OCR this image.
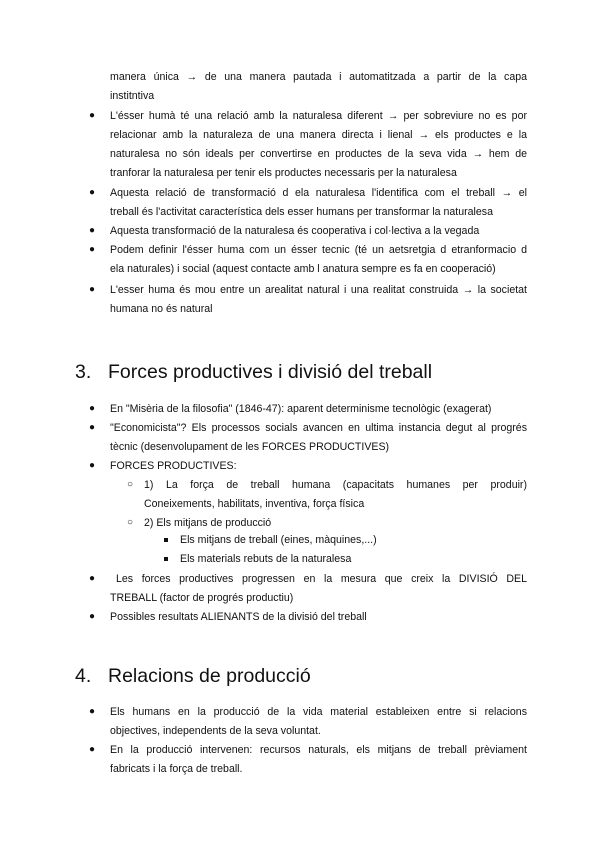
manera única → de una manera pautada i automatitzada a partir de la capa
institntiva
● L'ésser humà té una relació amb la naturalesa diferent → per sobreviure no es por
relacionar amb la naturaleza de una manera directa i lienal → els productes e la
naturalesa no són ideals per convertirse en productes de la seva vida → hem de
tranforar la naturalesa per tenir els productes necessaris per la naturalesa
● Aquesta relació de transformació d ela naturalesa l'identifica com el treball → el
treball és l'activitat característica dels esser humans per transformar la naturalesa
● Aquesta transformació de la naturalesa és cooperativa i col·lectiva a la vegada
● Podem definir l'ésser huma com un ésser tecnic (té un aetsretgia d etranformacio d
ela naturales) i social (aquest contacte amb l anatura sempre es fa en cooperació)
● L'esser huma és mou entre un arealitat natural i una realitat construida → la societat
humana no és natural
3. Forces productives i divisió del treball
● En "Misèria de la filosofia" (1846-47): aparent determinisme tecnològic (exagerat)
● "Economicista"? Els processos socials avancen en ultima instancia degut al progrés
tècnic (desenvolupament de les FORCES PRODUCTIVES)
● FORCES PRODUCTIVES:
○ 1) La força de treball humana (capacitats humanes per produir)
Coneixements, habilitats, inventiva, força física
○ 2) Els mitjans de producció
Els mitjans de treball (eines, màquines,...)
Els materials rebuts de la naturalesa
● Les forces productives progressen en la mesura que creix la DIVISIÓ DEL
TREBALL (factor de progrés productiu)
● Possibles resultats ALIENANTS de la divisió del treball
4. Relacions de producció
● Els humans en la producció de la vida material estableixen entre si relacions
objectives, independents de la seva voluntat.
● En la producció intervenen: recursos naturals, els mitjans de treball prèviament
fabricats i la força de treball.
